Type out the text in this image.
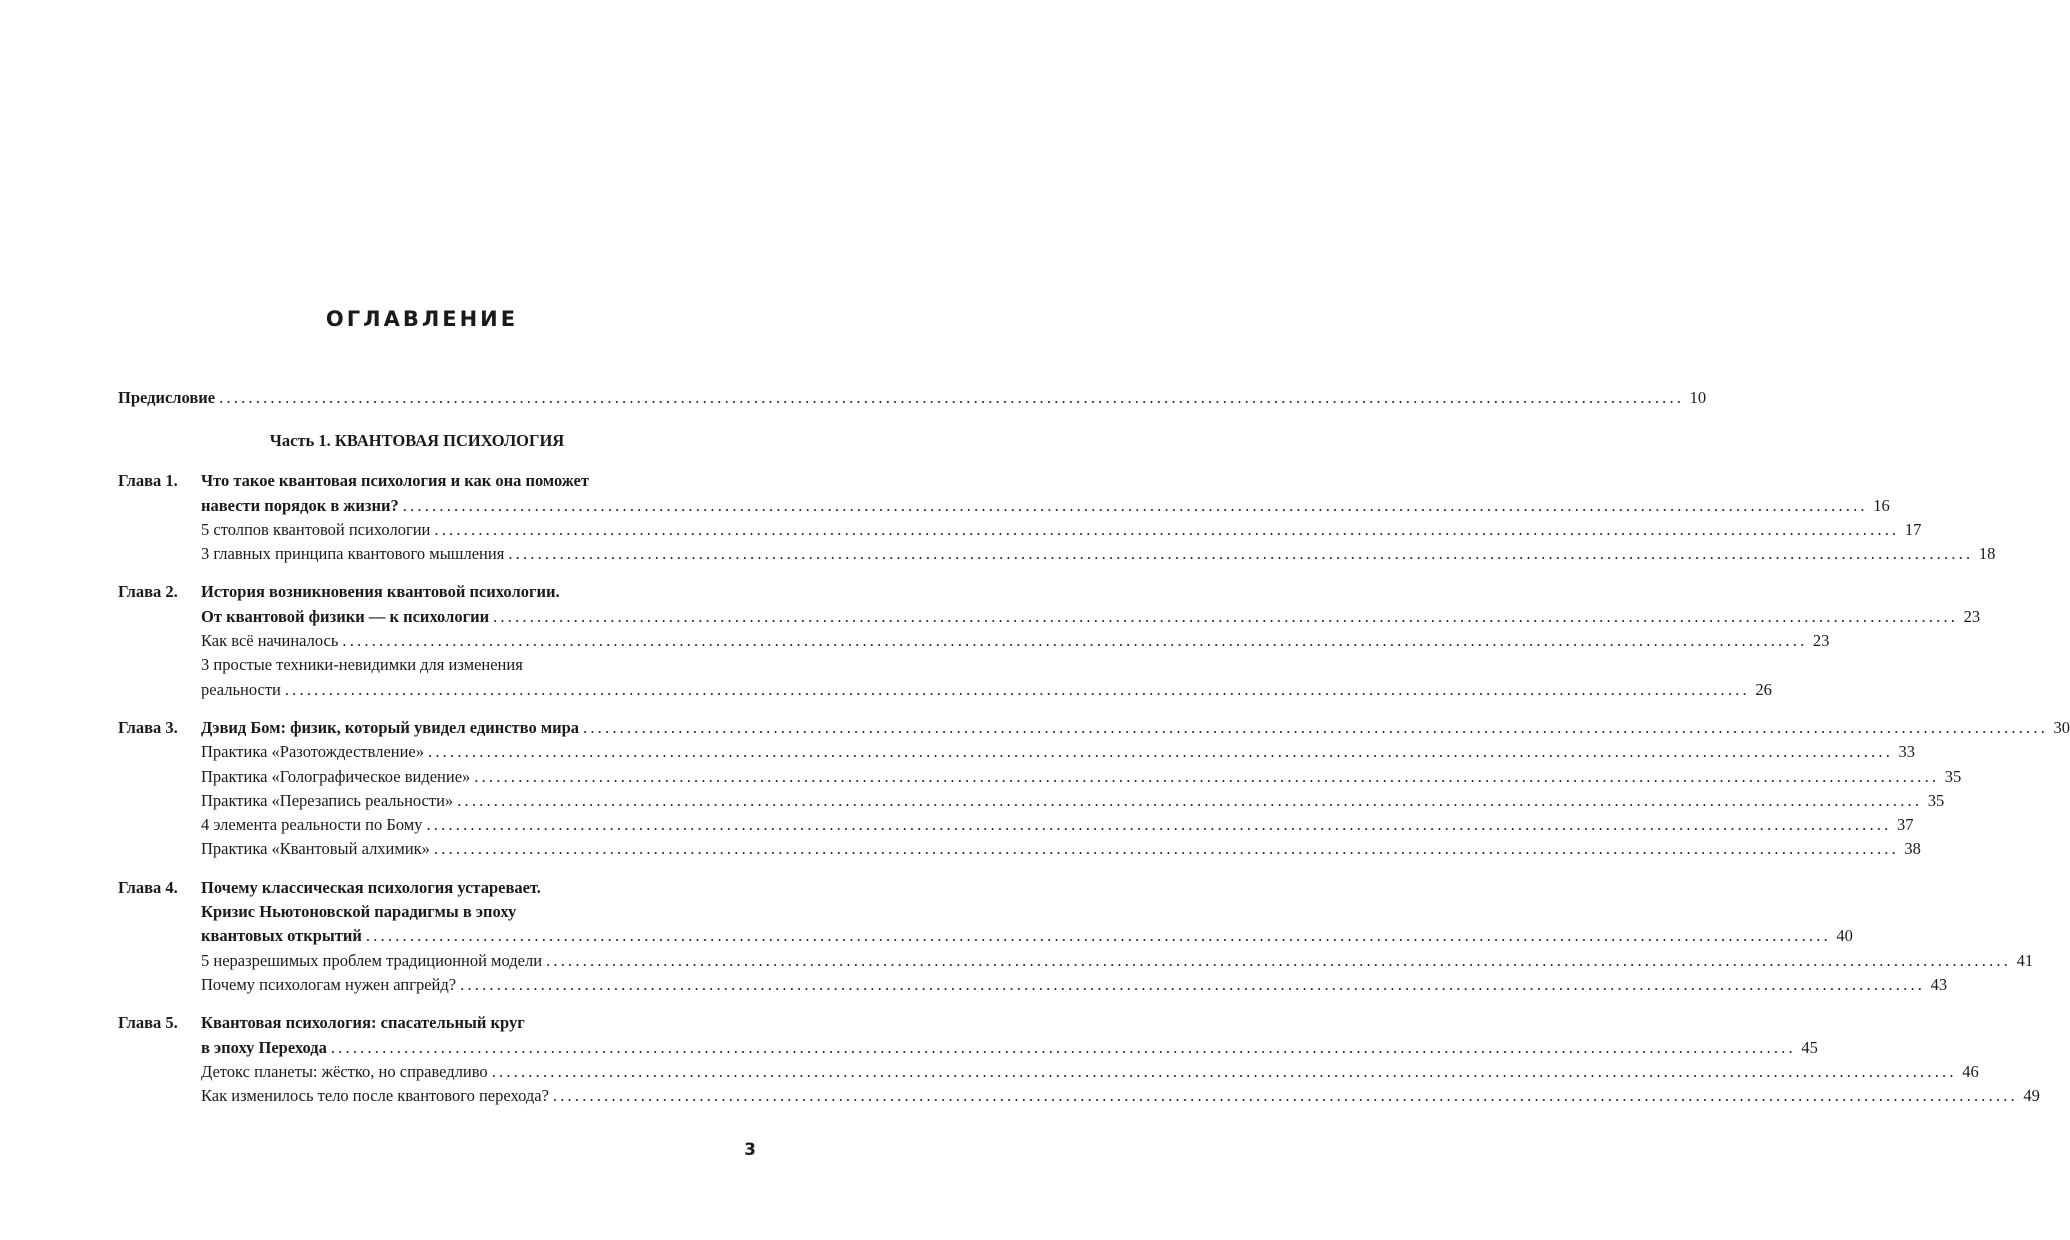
ОГЛАВЛЕНИЕ
Предисловие ........................................................................................................................................................................................................ 10
Часть 1. КВАНТОВАЯ ПСИХОЛОГИЯ
Глава 1.	Что такое квантовая психология и как она поможет
навести порядок в жизни? ........................................................................................................................................................................................................ 16
5 столпов квантовой психологии ........................................................................................................................................................................................................ 17
3 главных принципа квантового мышления ........................................................................................................................................................................................................ 18
Глава 2.	История возникновения квантовой психологии.
От квантовой физики — к психологии ........................................................................................................................................................................................................ 23
Как всё начиналось ........................................................................................................................................................................................................ 23
3 простые техники-невидимки для изменения
реальности ........................................................................................................................................................................................................ 26
Глава 3.	Дэвид Бом: физик, который увидел единство мира ........................................................................................................................................................................................................ 30
Практика «Разотождествление» ........................................................................................................................................................................................................ 33
Практика «Голографическое видение» ........................................................................................................................................................................................................ 35
Практика «Перезапись реальности» ........................................................................................................................................................................................................ 35
4 элемента реальности по Бому ........................................................................................................................................................................................................ 37
Практика «Квантовый алхимик» ........................................................................................................................................................................................................ 38
Глава 4.	Почему классическая психология устаревает.
Кризис Ньютоновской парадигмы в эпоху
квантовых открытий ........................................................................................................................................................................................................ 40
5 неразрешимых проблем традиционной модели ........................................................................................................................................................................................................ 41
Почему психологам нужен апгрейд? ........................................................................................................................................................................................................ 43
Глава 5.	Квантовая психология: спасательный круг
в эпоху Перехода ........................................................................................................................................................................................................ 45
Детокс планеты: жёстко, но справедливо ........................................................................................................................................................................................................ 46
Как изменилось тело после квантового перехода? ........................................................................................................................................................................................................ 49
3
